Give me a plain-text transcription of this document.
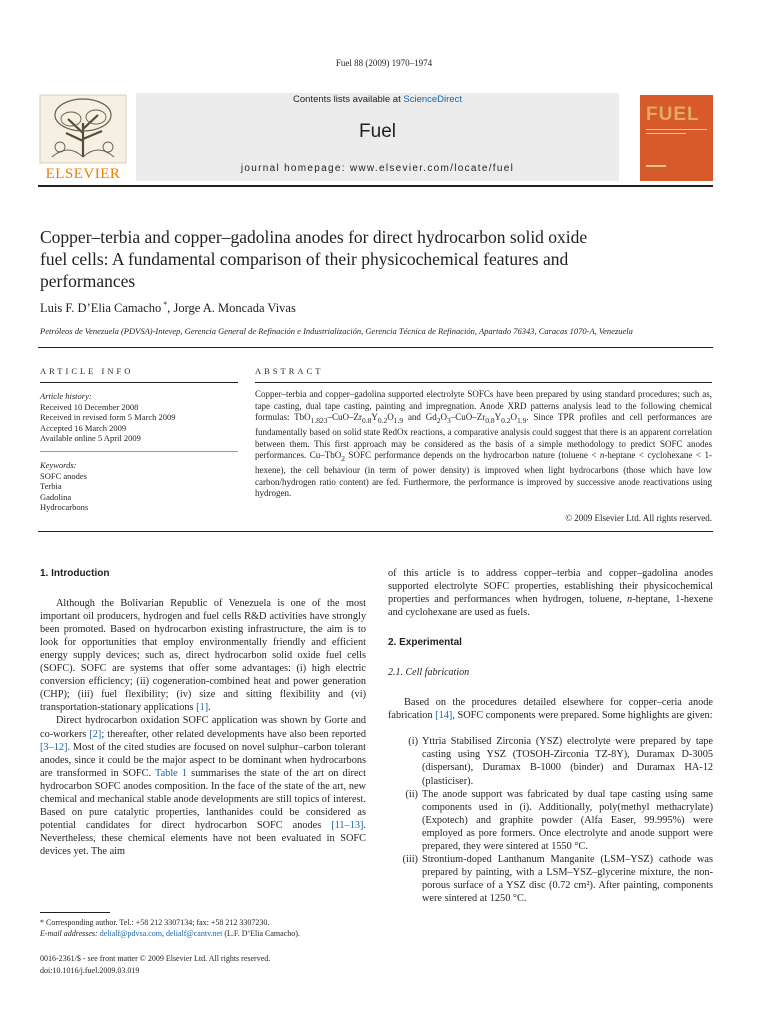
Fuel 88 (2009) 1970–1974
ELSEVIER
Contents lists available at ScienceDirect
Fuel
journal homepage: www.elsevier.com/locate/fuel
FUEL
Copper–terbia and copper–gadolina anodes for direct hydrocarbon solid oxide fuel cells: A fundamental comparison of their physicochemical features and performances
Luis F. D’Elia Camacho *, Jorge A. Moncada Vivas
Petróleos de Venezuela (PDVSA)-Intevep, Gerencia General de Refinación e Industrialización, Gerencia Técnica de Refinación, Apartado 76343, Caracas 1070-A, Venezuela
ARTICLE INFO
Article history:
Received 10 December 2008
Received in revised form 5 March 2009
Accepted 16 March 2009
Available online 5 April 2009
Keywords:
SOFC anodes
Terbia
Gadolina
Hydrocarbons
ABSTRACT
Copper–terbia and copper–gadolina supported electrolyte SOFCs have been prepared by using standard procedures; such as, tape casting, dual tape casting, painting and impregnation. Anode XRD patterns analysis lead to the following chemical formulas: $TbO_{1.823}-CuO-Zr_{0.8}Y_{0.2}O_{1.9}$ and $Gd_2O_3-CuO-Zr_{0.8}Y_{0.2}O_{1.9}$. Since TPR profiles and cell performances are fundamentally based on solid state RedOx reactions, a comparative analysis could suggest that there is an apparent correlation between them. This first approach may be considered as the basis of a simple methodology to predict SOFC anodes performances. Cu–TbO$_2$ SOFC performance depends on the hydrocarbon nature (toluene < n-heptane < cyclohexane < 1-hexene), the cell behaviour (in term of power density) is improved when light hydrocarbons (those which have low carbon/hydrogen ratio content) are fed. Furthermore, the performance is improved by successive anode reactivations using hydrogen.
© 2009 Elsevier Ltd. All rights reserved.
1. Introduction

Although the Bolivarian Republic of Venezuela is one of the most important oil producers, hydrogen and fuel cells R&D activities have strongly been promoted. Based on hydrocarbon existing infrastructure, the aim is to look for opportunities that employ environmentally friendly and efficient energy supply devices; such as, direct hydrocarbon solid oxide fuel cells (SOFC). SOFC are systems that offer some advantages: (i) high electric conversion efficiency; (ii) cogeneration-combined heat and power generation (CHP); (iii) fuel flexibility; (iv) size and sitting flexibility and (vi) transportation-stationary applications [1].

Direct hydrocarbon oxidation SOFC application was shown by Gorte and co-workers [2]; thereafter, other related developments have also been reported [3–12]. Most of the cited studies are focused on novel sulphur–carbon tolerant anodes, since it could be the major aspect to be dominant when hydrocarbons are transformed in SOFC. Table 1 summarises the state of the art on direct hydrocarbon SOFC anodes composition. In the face of the state of the art, new chemical and mechanical stable anode developments are still topics of interest. Based on pure catalytic properties, lanthanides could be considered as potential candidates for direct hydrocarbon SOFC anodes [11–13]. Nevertheless, these chemical elements have not been evaluated in SOFC devices yet. The aim

of this article is to address copper–terbia and copper–gadolina anodes supported electrolyte SOFC properties, establishing their physicochemical properties and performances when hydrogen, toluene, n-heptane, 1-hexene and cyclohexane are used as fuels.

2. Experimental
2.1. Cell fabrication

Based on the procedures detailed elsewhere for copper–ceria anode fabrication [14], SOFC components were prepared. Some highlights are given:

(i) Yttria Stabilised Zirconia (YSZ) electrolyte were prepared by tape casting using YSZ (TOSOH-Zirconia TZ-8Y), Duramax D-3005 (dispersant), Duramax B-1000 (binder) and Duramax HA-12 (plasticiser).
(ii) The anode support was fabricated by dual tape casting using same components used in (i). Additionally, poly(methyl methacrylate) (Expotech) and graphite powder (Alfa Easer, 99.995%) were employed as pore formers. Once electrolyte and anode support were prepared, they were sintered at 1550 °C.
(iii) Strontium-doped Lanthanum Manganite (LSM–YSZ) cathode was prepared by painting, with a LSM–YSZ–glycerine mixture, the non-porous surface of a YSZ disc (0.72 cm²). After painting, components were sintered at 1250 °C.
* Corresponding author. Tel.: +58 212 3307134; fax: +58 212 3307230.
E-mail addresses: delialf@pdvsa.com, delialf@cantv.net (L.F. D’Elia Camacho).
0016-2361/$ - see front matter © 2009 Elsevier Ltd. All rights reserved.
doi:10.1016/j.fuel.2009.03.019
